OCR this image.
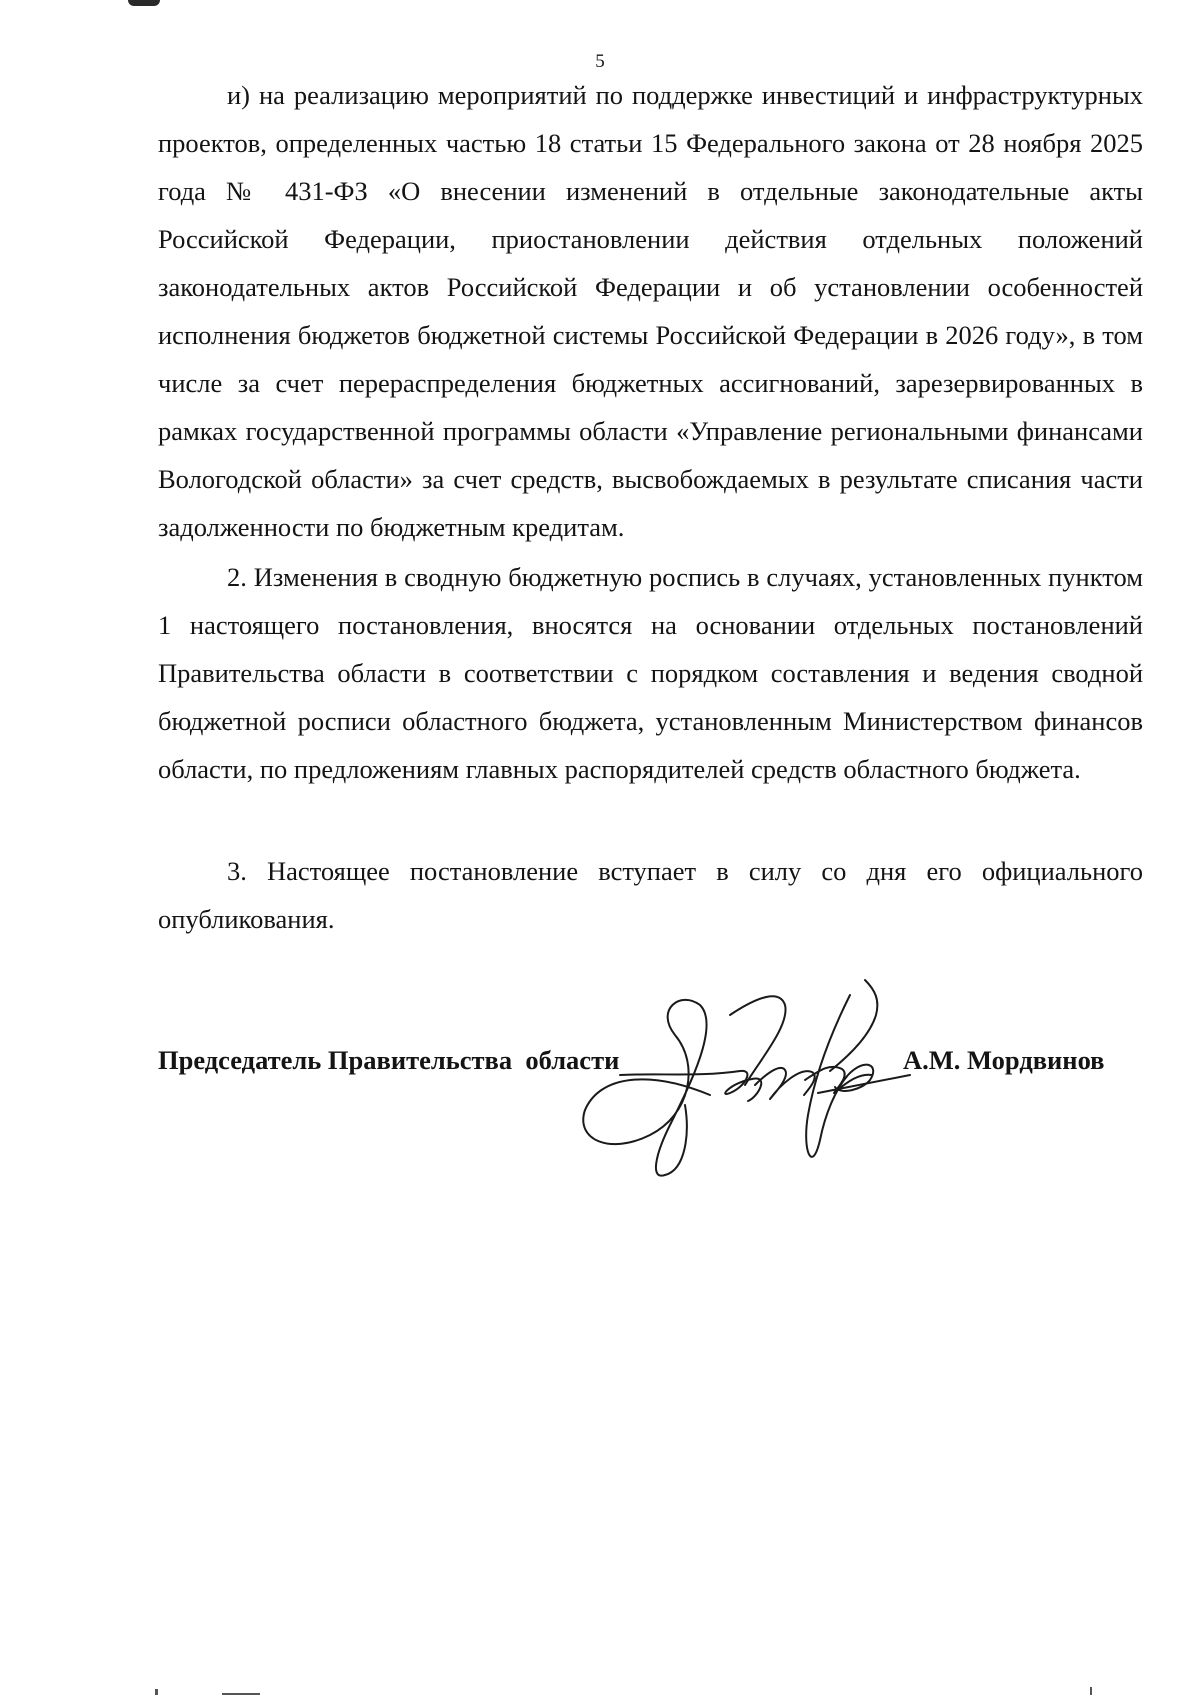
5

и) на реализацию мероприятий по поддержке инвестиций и инфраструктурных проектов, определенных частью 18 статьи 15 Федерального закона от 28 ноября 2025 года № 431-ФЗ «О внесении изменений в отдельные законодательные акты Российской Федерации, приостановлении действия отдельных положений законодательных актов Российской Федерации и об установлении особенностей исполнения бюджетов бюджетной системы Российской Федерации в 2026 году», в том числе за счет перераспределения бюджетных ассигнований, зарезервированных в рамках государственной программы области «Управление региональными финансами Вологодской области» за счет средств, высвобождаемых в результате списания части задолженности по бюджетным кредитам.

2. Изменения в сводную бюджетную роспись в случаях, установленных пунктом 1 настоящего постановления, вносятся на основании отдельных постановлений Правительства области в соответствии с порядком составления и ведения сводной бюджетной росписи областного бюджета, установленным Министерством финансов области, по предложениям главных распорядителей средств областного бюджета.

3. Настоящее постановление вступает в силу со дня его официального опубликования.

Председатель Правительства  области	А.М. Мордвинов
